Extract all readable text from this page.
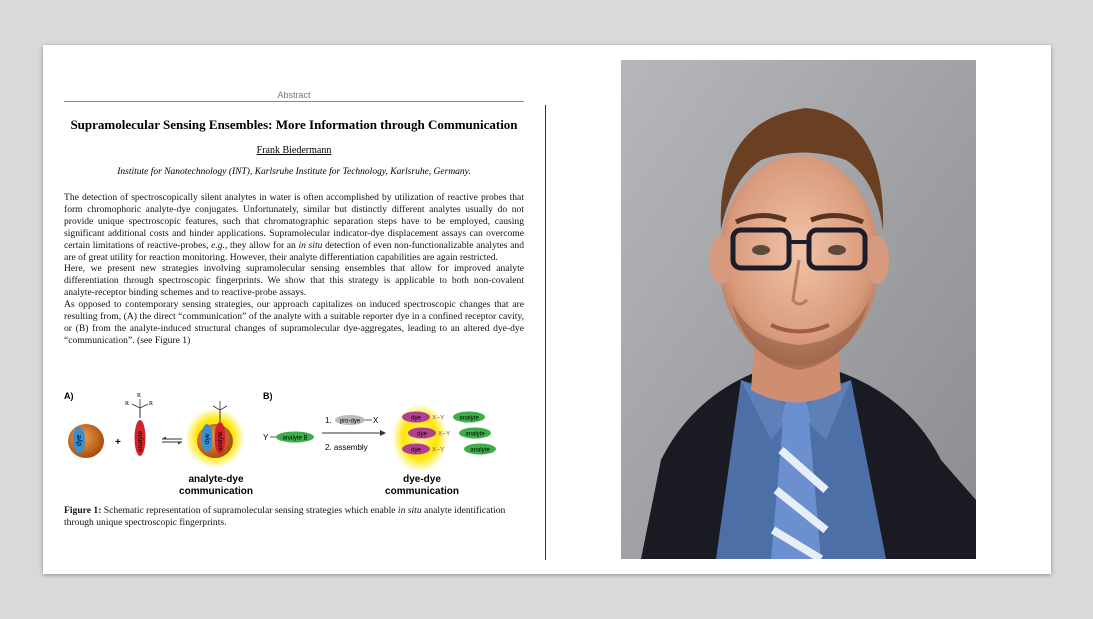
Abstract
Supramolecular Sensing Ensembles: More Information through Communication
Frank Biedermann
Institute for Nanotechnology (INT), Karlsruhe Institute for Technology, Karlsruhe, Germany.

The detection of spectroscopically silent analytes in water is often accomplished by utilization of reactive probes that form chromophoric analyte-dye conjugates. Unfortunately, similar but distinctly different analytes usually do not provide unique spectroscopic features, such that chromatographic separation steps have to be employed, causing significant additional costs and hinder applications. Supramolecular indicator-dye displacement assays can overcome certain limitations of reactive-probes, e.g., they allow for an in situ detection of even non-functionalizable analytes and are of great utility for reaction monitoring. However, their analyte differentiation capabilities are again restricted.

Here, we present new strategies involving supramolecular sensing ensembles that allow for improved analyte differentiation through spectroscopic fingerprints. We show that this strategy is applicable to both non-covalent analyte-receptor binding schemes and to reactive-probe assays.

As opposed to contemporary sensing strategies, our approach capitalizes on induced spectroscopic changes that are resulting from, (A) the direct “communication” of the analyte with a suitable reporter dye in a confined receptor cavity, or (B) from the analyte-induced structural changes of supramolecular dye-aggregates, leading to an altered dye-dye “communication”. (see Figure 1)

A)	B)
dye	+
R	R
R
analyte	dye analyte
analyte-dye
communication
Y analyte B
1. pro-dye X
2. assembly
dye
dye
dye
X–Y
X–Y
X–Y
analyte
analyte
analyte
dye-dye
communication
Figure 1: Schematic representation of supramolecular sensing strategies which enable in situ analyte identification through unique spectroscopic fingerprints.
